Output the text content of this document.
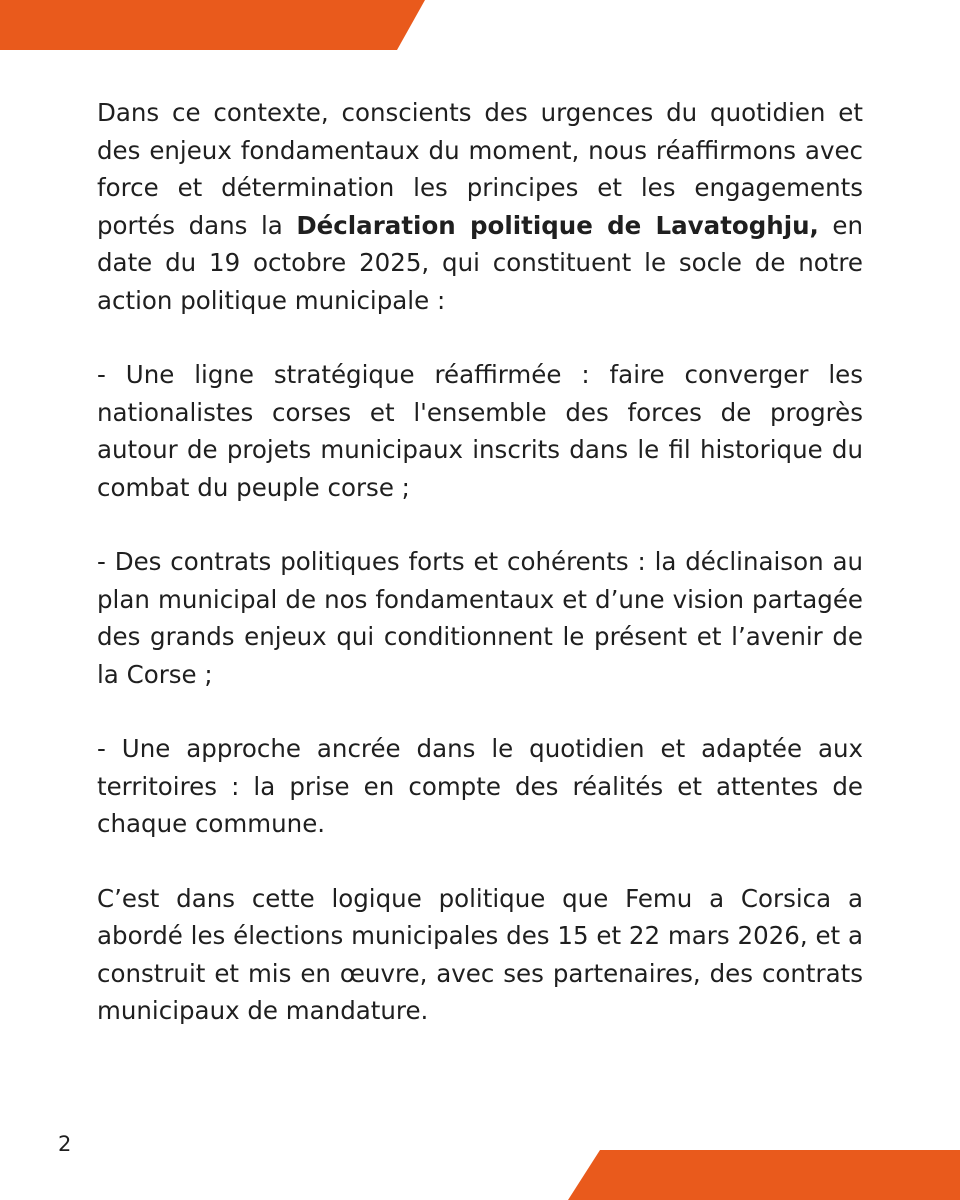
Dans ce contexte, conscients des urgences du quotidien et des enjeux fondamentaux du moment, nous réaffirmons avec force et détermination les principes et les engagements portés dans la Déclaration politique de Lavatoghju, en date du 19 octobre 2025, qui constituent le socle de notre action politique municipale :

- Une ligne stratégique réaffirmée : faire converger les nationalistes corses et l'ensemble des forces de progrès autour de projets municipaux inscrits dans le fil historique du combat du peuple corse ;

- Des contrats politiques forts et cohérents : la déclinaison au plan municipal de nos fondamentaux et d’une vision partagée des grands enjeux qui conditionnent le présent et l’avenir de la Corse ;

- Une approche ancrée dans le quotidien et adaptée aux territoires : la prise en compte des réalités et attentes de chaque commune.

C’est dans cette logique politique que Femu a Corsica a abordé les élections municipales des 15 et 22 mars 2026, et a construit et mis en œuvre, avec ses partenaires, des contrats municipaux de mandature.

2
